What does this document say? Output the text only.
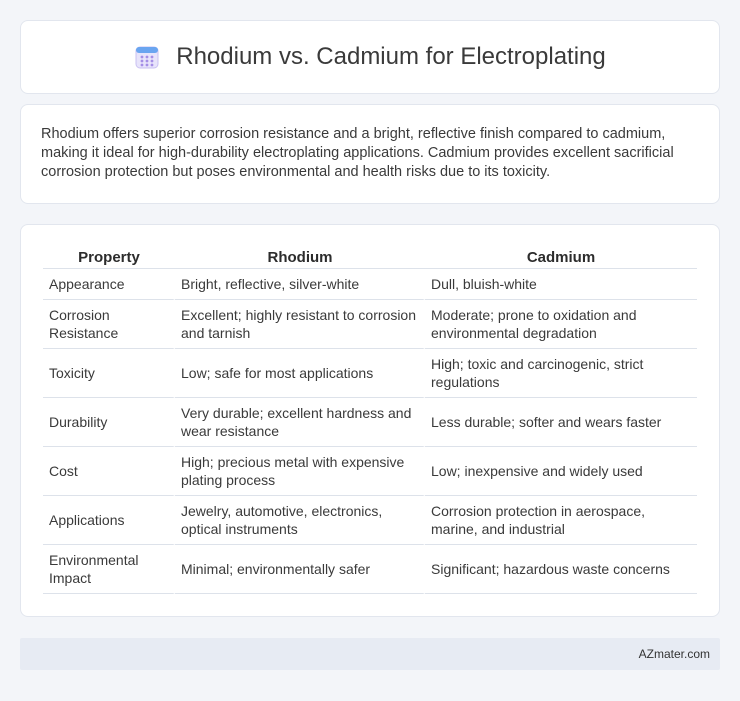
Rhodium vs. Cadmium for Electroplating

Rhodium offers superior corrosion resistance and a bright, reflective finish compared to cadmium, making it ideal for high-durability electroplating applications. Cadmium provides excellent sacrificial corrosion protection but poses environmental and health risks due to its toxicity.

Property	Rhodium	Cadmium
Appearance	Bright, reflective, silver-white	Dull, bluish-white
Corrosion Resistance	Excellent; highly resistant to corrosion and tarnish	Moderate; prone to oxidation and environmental degradation
Toxicity	Low; safe for most applications	High; toxic and carcinogenic, strict regulations
Durability	Very durable; excellent hardness and wear resistance	Less durable; softer and wears faster
Cost	High; precious metal with expensive plating process	Low; inexpensive and widely used
Applications	Jewelry, automotive, electronics, optical instruments	Corrosion protection in aerospace, marine, and industrial
Environmental Impact	Minimal; environmentally safer	Significant; hazardous waste concerns
AZmater.com
